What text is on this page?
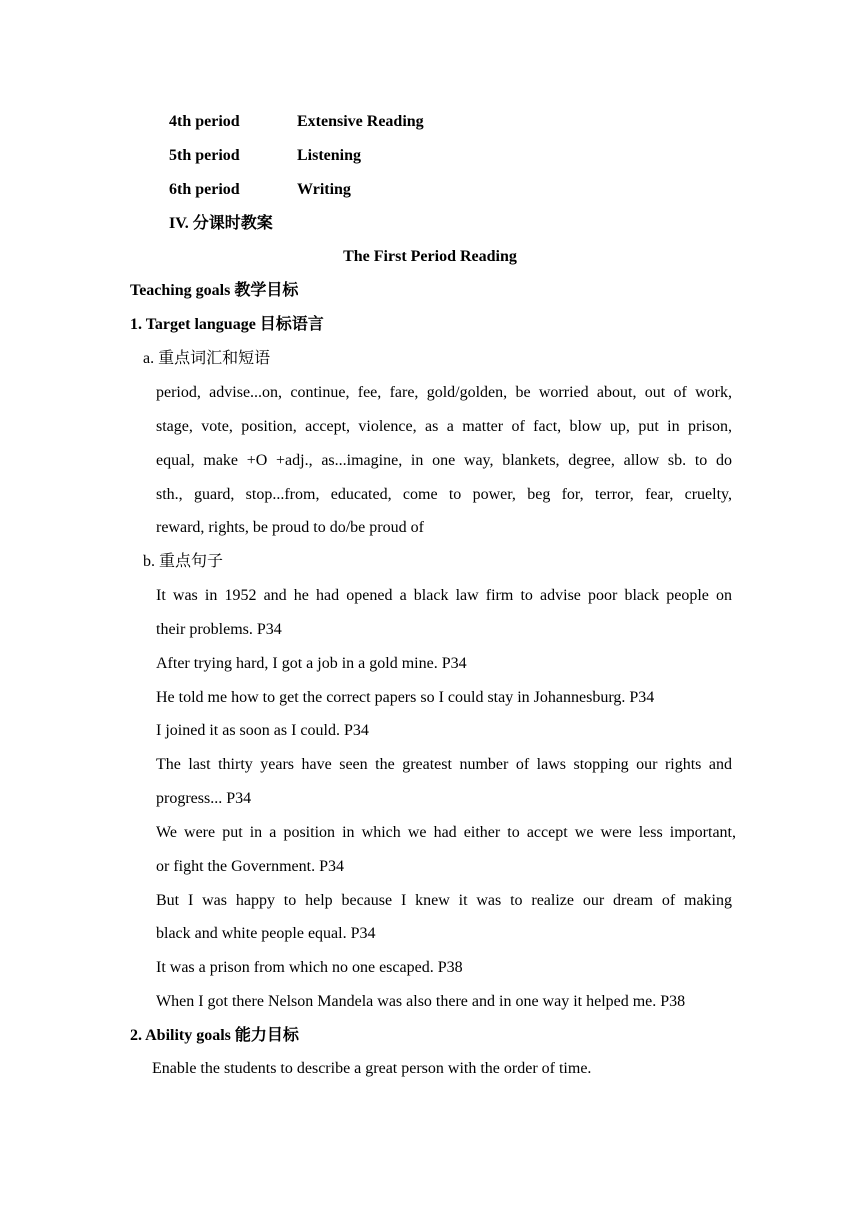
4th period	Extensive Reading
5th period	Listening
6th period	Writing
IV. 分课时教案
The First Period Reading
Teaching goals 教学目标
1. Target language 目标语言
a. 重点词汇和短语
period, advise...on, continue, fee, fare, gold/golden, be worried about, out of work,
stage, vote, position, accept, violence, as a matter of fact, blow up, put in prison,
equal, make +O +adj., as...imagine, in one way, blankets, degree, allow sb. to do
sth., guard, stop...from, educated, come to power, beg for, terror, fear, cruelty,
reward, rights, be proud to do/be proud of
b. 重点句子
It was in 1952 and he had opened a black law firm to advise poor black people on
their problems. P34
After trying hard, I got a job in a gold mine. P34
He told me how to get the correct papers so I could stay in Johannesburg. P34
I joined it as soon as I could. P34
The last thirty years have seen the greatest number of laws stopping our rights and
progress... P34
We were put in a position in which we had either to accept we were less important,
or fight the Government. P34
But I was happy to help because I knew it was to realize our dream of making
black and white people equal. P34
It was a prison from which no one escaped. P38
When I got there Nelson Mandela was also there and in one way it helped me. P38
2. Ability goals 能力目标
Enable the students to describe a great person with the order of time.
